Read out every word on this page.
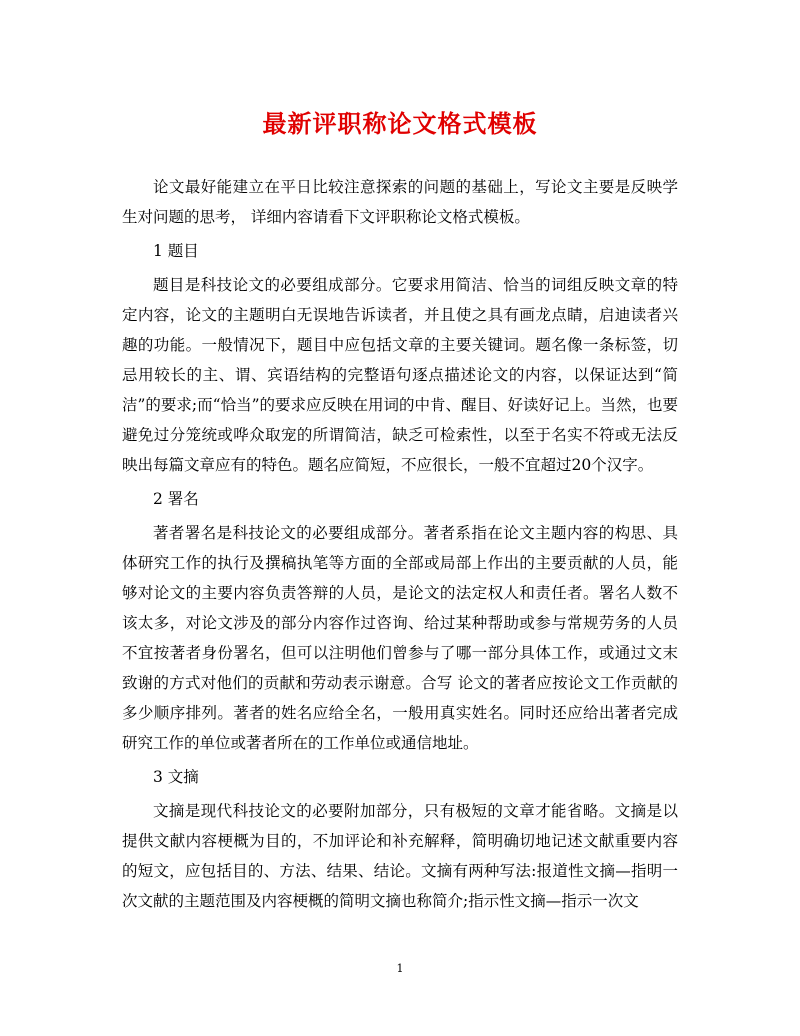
最新评职称论文格式模板

论文最好能建立在平日比较注意探索的问题的基础上，写论文主要是反映学生对问题的思考， 详细内容请看下文评职称论文格式模板。

1 题目

题目是科技论文的必要组成部分。它要求用简洁、恰当的词组反映文章的特定内容，论文的主题明白无误地告诉读者，并且使之具有画龙点睛，启迪读者兴趣的功能。一般情况下，题目中应包括文章的主要关键词。题名像一条标签，切忌用较长的主、谓、宾语结构的完整语句逐点描述论文的内容，以保证达到“简洁”的要求;而“恰当”的要求应反映在用词的中肯、醒目、好读好记上。当然，也要避免过分笼统或哗众取宠的所谓简洁，缺乏可检索性，以至于名实不符或无法反映出每篇文章应有的特色。题名应简短，不应很长，一般不宜超过20个汉字。

2 署名

著者署名是科技论文的必要组成部分。著者系指在论文主题内容的构思、具体研究工作的执行及撰稿执笔等方面的全部或局部上作出的主要贡献的人员，能够对论文的主要内容负责答辩的人员，是论文的法定权人和责任者。署名人数不该太多，对论文涉及的部分内容作过咨询、给过某种帮助或参与常规劳务的人员不宜按著者身份署名，但可以注明他们曾参与了哪一部分具体工作，或通过文末致谢的方式对他们的贡献和劳动表示谢意。合写 论文的著者应按论文工作贡献的多少顺序排列。著者的姓名应给全名，一般用真实姓名。同时还应给出著者完成研究工作的单位或著者所在的工作单位或通信地址。

3 文摘

文摘是现代科技论文的必要附加部分，只有极短的文章才能省略。文摘是以提供文献内容梗概为目的，不加评论和补充解释，简明确切地记述文献重要内容的短文，应包括目的、方法、结果、结论。文摘有两种写法:报道性文摘—指明一次文献的主题范围及内容梗概的简明文摘也称简介;指示性文摘—指示一次文

1
